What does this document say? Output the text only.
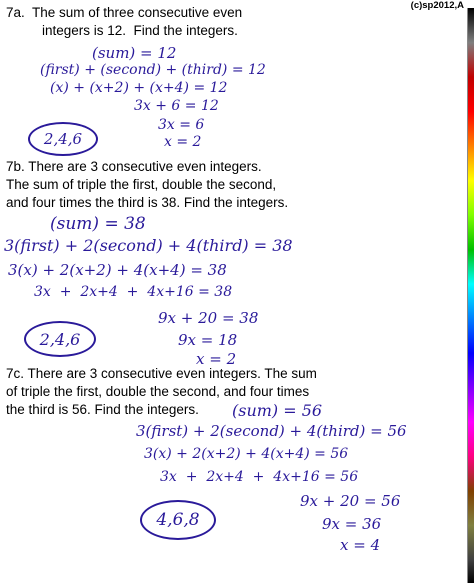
(c)sp2012,A
7a.  The sum of three consecutive even
integers is 12.  Find the integers.
(sum) = 12
(first) + (second) + (third) = 12
(x) + (x+2) + (x+4) = 12
3x + 6 = 12
3x = 6
x = 2
2,4,6
7b. There are 3 consecutive even integers.
The sum of triple the first, double the second,
and four times the third is 38. Find the integers.
(sum) = 38
3(first) + 2(second) + 4(third) = 38
3(x) + 2(x+2) + 4(x+4) = 38
3x  +  2x+4  +  4x+16 = 38
9x + 20 = 38
9x = 18
x = 2
2,4,6
7c. There are 3 consecutive even integers. The sum
of triple the first, double the second, and four times
the third is 56. Find the integers. (sum) = 56
3(first) + 2(second) + 4(third) = 56
3(x) + 2(x+2) + 4(x+4) = 56
3x  +  2x+4  +  4x+16 = 56
9x + 20 = 56
9x = 36
x = 4
4,6,8
